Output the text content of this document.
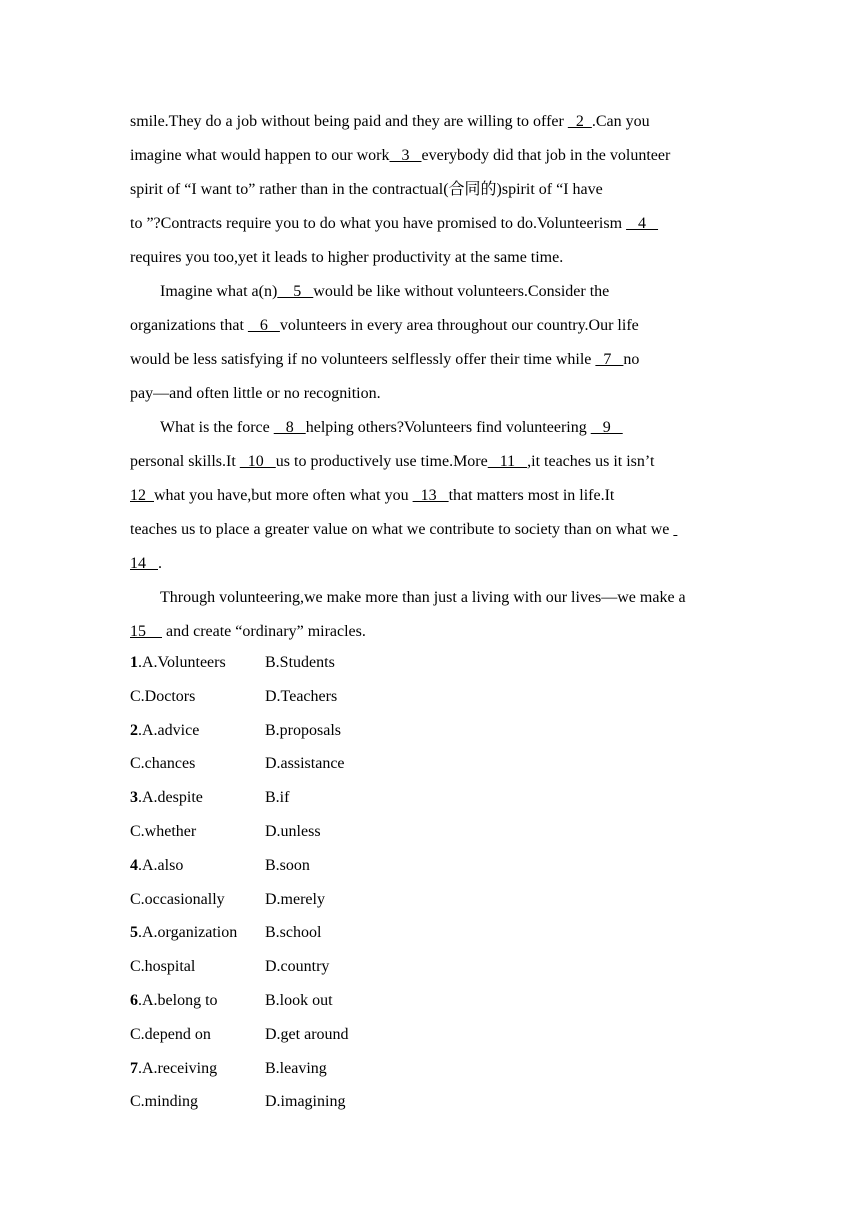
smile.They do a job without being paid and they are willing to offer   2  .Can you
imagine what would happen to our work   3   everybody did that job in the volunteer
spirit of “I want to” rather than in the contractual(合同的)spirit of “I have
to ”?Contracts require you to do what you have promised to do.Volunteerism    4
requires you too,yet it leads to higher productivity at the same time.
Imagine what a(n)    5   would be like without volunteers.Consider the
organizations that    6   volunteers in every area throughout our country.Our life
would be less satisfying if no volunteers selflessly offer their time while   7   no
pay—and often little or no recognition.
What is the force    8   helping others?Volunteers find volunteering    9
personal skills.It   10   us to productively use time.More   11   ,it teaches us it isn’t
12  what you have,but more often what you   13   that matters most in life.It
teaches us to place a greater value on what we contribute to society than on what we
14   .
Through volunteering,we make more than just a living with our lives—we make a
15     and create “ordinary” miracles.
1.A.Volunteers B.Students
C.Doctors	D.Teachers
2.A.advice	B.proposals
C.chances	D.assistance
3.A.despite	B.if
C.whether	D.unless
4.A.also	B.soon
C.occasionally	D.merely
5.A.organization B.school
C.hospital	D.country
6.A.belong to	B.look out
C.depend on	D.get around
7.A.receiving	B.leaving
C.minding	D.imagining
